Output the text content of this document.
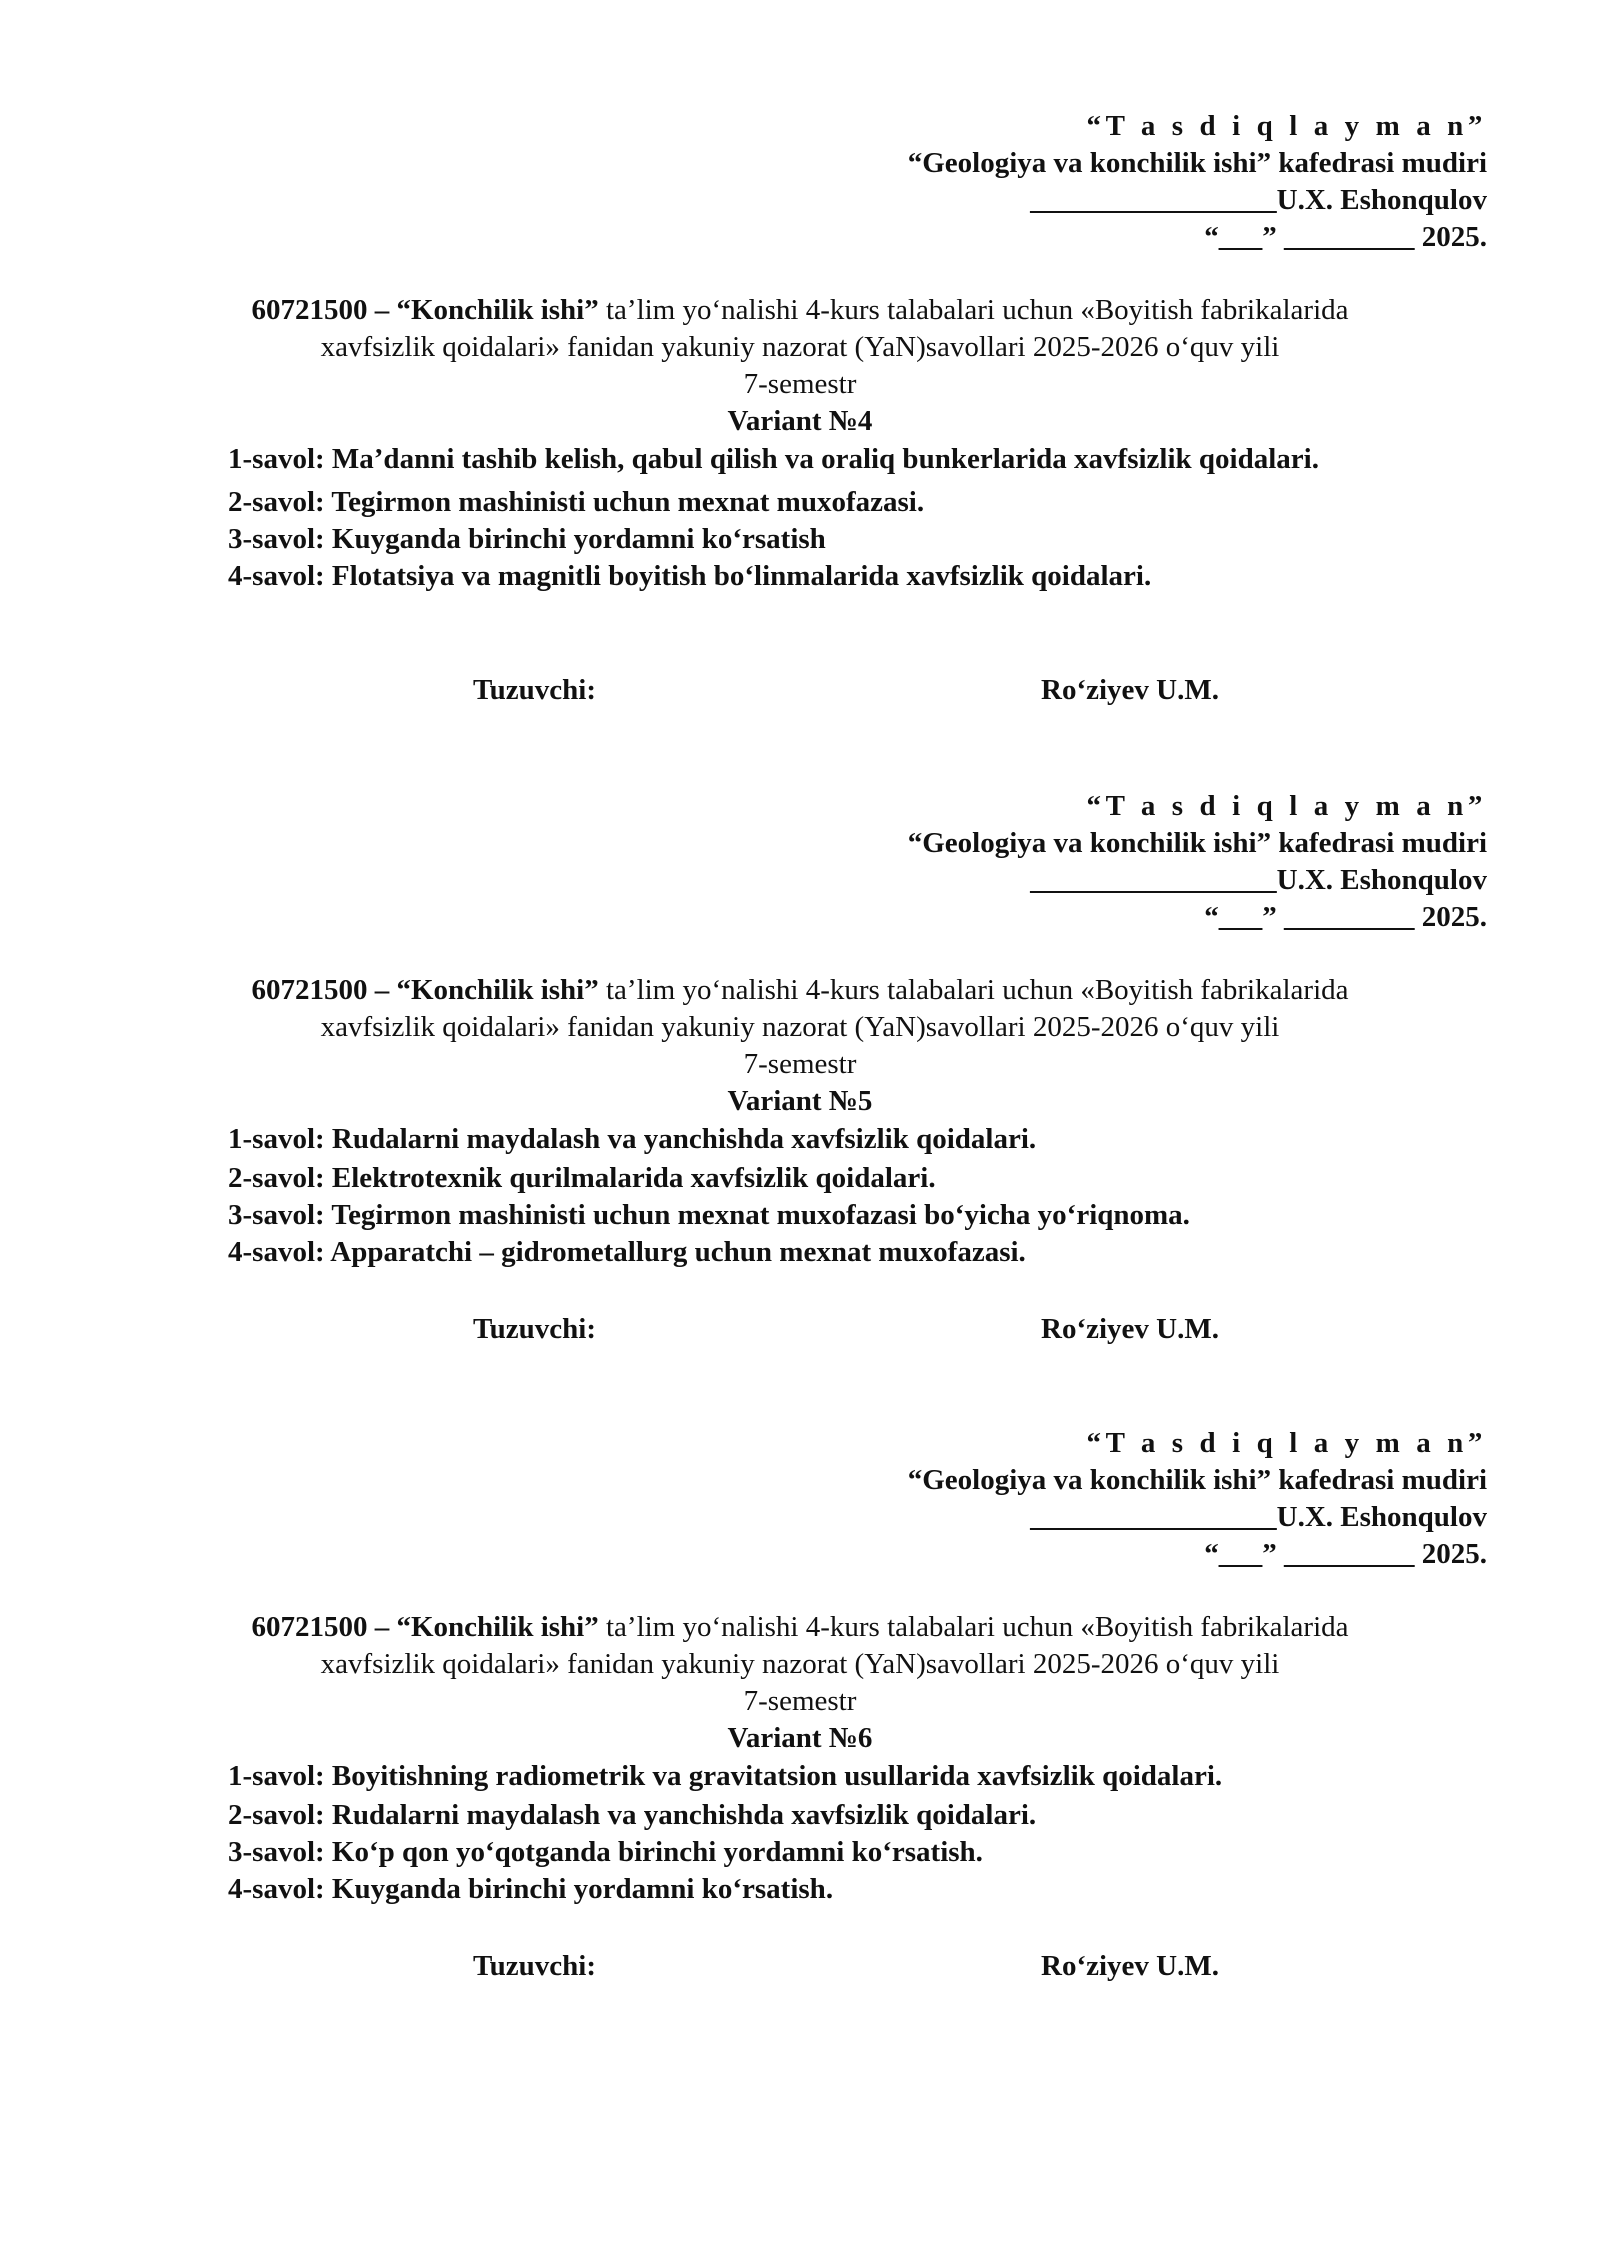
“T a s d i q l a y m a n”
“Geologiya va konchilik ishi” kafedrasi mudiri
_________________U.X. Eshonqulov
“___” _________ 2025.
60721500 – “Konchilik ishi” ta’lim yo‘nalishi 4-kurs talabalari uchun «Boyitish fabrikalarida
xavfsizlik qoidalari» fanidan yakuniy nazorat (YaN)savollari 2025-2026 o‘quv yili
7-semestr
Variant №4
1-savol: Ma’danni tashib kelish, qabul qilish va oraliq bunkerlarida xavfsizlik qoidalari.
2-savol: Tegirmon mashinisti uchun mexnat muxofazasi.
3-savol: Kuyganda birinchi yordamni ko‘rsatish
4-savol: Flotatsiya va magnitli boyitish bo‘linmalarida xavfsizlik qoidalari.
Tuzuvchi:	Ro‘ziyev U.M.
“T a s d i q l a y m a n”
“Geologiya va konchilik ishi” kafedrasi mudiri
_________________U.X. Eshonqulov
“___” _________ 2025.
60721500 – “Konchilik ishi” ta’lim yo‘nalishi 4-kurs talabalari uchun «Boyitish fabrikalarida
xavfsizlik qoidalari» fanidan yakuniy nazorat (YaN)savollari 2025-2026 o‘quv yili
7-semestr
Variant №5
1-savol: Rudalarni maydalash va yanchishda xavfsizlik qoidalari.
2-savol: Elektrotexnik qurilmalarida xavfsizlik qoidalari.
3-savol: Tegirmon mashinisti uchun mexnat muxofazasi bo‘yicha yo‘riqnoma.
4-savol: Apparatchi – gidrometallurg uchun mexnat muxofazasi.
Tuzuvchi:	Ro‘ziyev U.M.
“T a s d i q l a y m a n”
“Geologiya va konchilik ishi” kafedrasi mudiri
_________________U.X. Eshonqulov
“___” _________ 2025.
60721500 – “Konchilik ishi” ta’lim yo‘nalishi 4-kurs talabalari uchun «Boyitish fabrikalarida
xavfsizlik qoidalari» fanidan yakuniy nazorat (YaN)savollari 2025-2026 o‘quv yili
7-semestr
Variant №6
1-savol: Boyitishning radiometrik va gravitatsion usullarida xavfsizlik qoidalari.
2-savol: Rudalarni maydalash va yanchishda xavfsizlik qoidalari.
3-savol: Ko‘p qon yo‘qotganda birinchi yordamni ko‘rsatish.
4-savol: Kuyganda birinchi yordamni ko‘rsatish.
Tuzuvchi:	Ro‘ziyev U.M.
